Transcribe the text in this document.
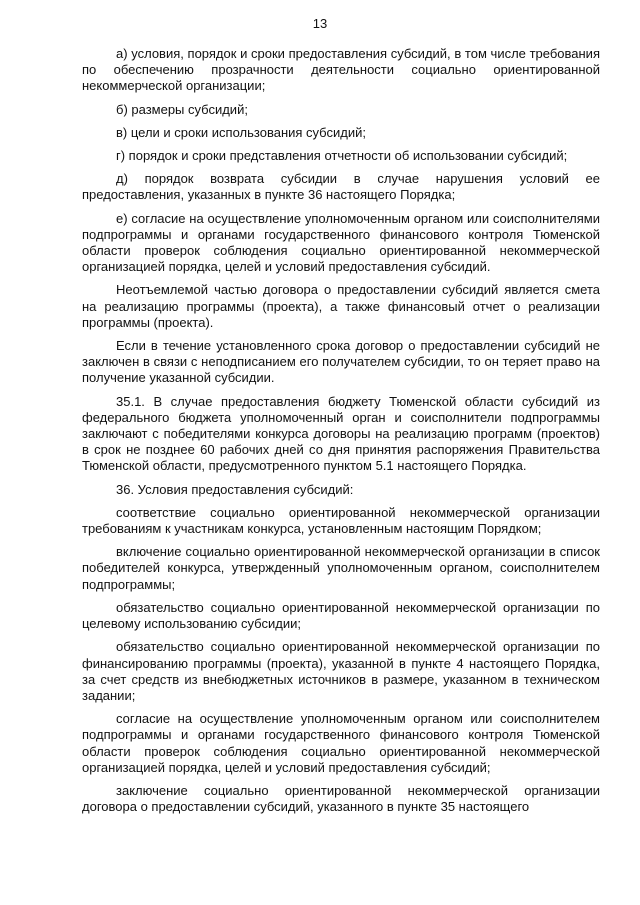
13

а) условия, порядок и сроки предоставления субсидий, в том числе требования по обеспечению прозрачности деятельности социально ориентированной некоммерческой организации;

б) размеры субсидий;

в) цели и сроки использования субсидий;

г) порядок и сроки представления отчетности об использовании субсидий;

д) порядок возврата субсидии в случае нарушения условий ее предоставления, указанных в пункте 36 настоящего Порядка;

е) согласие на осуществление уполномоченным органом или соисполнителями подпрограммы и органами государственного финансового контроля Тюменской области проверок соблюдения социально ориентированной некоммерческой организацией порядка, целей и условий предоставления субсидий.

Неотъемлемой частью договора о предоставлении субсидий является смета на реализацию программы (проекта), а также финансовый отчет о реализации программы (проекта).

Если в течение установленного срока договор о предоставлении субсидий не заключен в связи с неподписанием его получателем субсидии, то он теряет право на получение указанной субсидии.

35.1. В случае предоставления бюджету Тюменской области субсидий из федерального бюджета уполномоченный орган и соисполнители подпрограммы заключают с победителями конкурса договоры на реализацию программ (проектов) в срок не позднее 60 рабочих дней со дня принятия распоряжения Правительства Тюменской области, предусмотренного пунктом 5.1 настоящего Порядка.

36. Условия предоставления субсидий:

соответствие социально ориентированной некоммерческой организации требованиям к участникам конкурса, установленным настоящим Порядком;

включение социально ориентированной некоммерческой организации в список победителей конкурса, утвержденный уполномоченным органом, соисполнителем подпрограммы;

обязательство социально ориентированной некоммерческой организации по целевому использованию субсидии;

обязательство социально ориентированной некоммерческой организации по финансированию программы (проекта), указанной в пункте 4 настоящего Порядка, за счет средств из внебюджетных источников в размере, указанном в техническом задании;

согласие на осуществление уполномоченным органом или соисполнителем подпрограммы и органами государственного финансового контроля Тюменской области проверок соблюдения социально ориентированной некоммерческой организацией порядка, целей и условий предоставления субсидий;

заключение социально ориентированной некоммерческой организации договора о предоставлении субсидий, указанного в пункте 35 настоящего
